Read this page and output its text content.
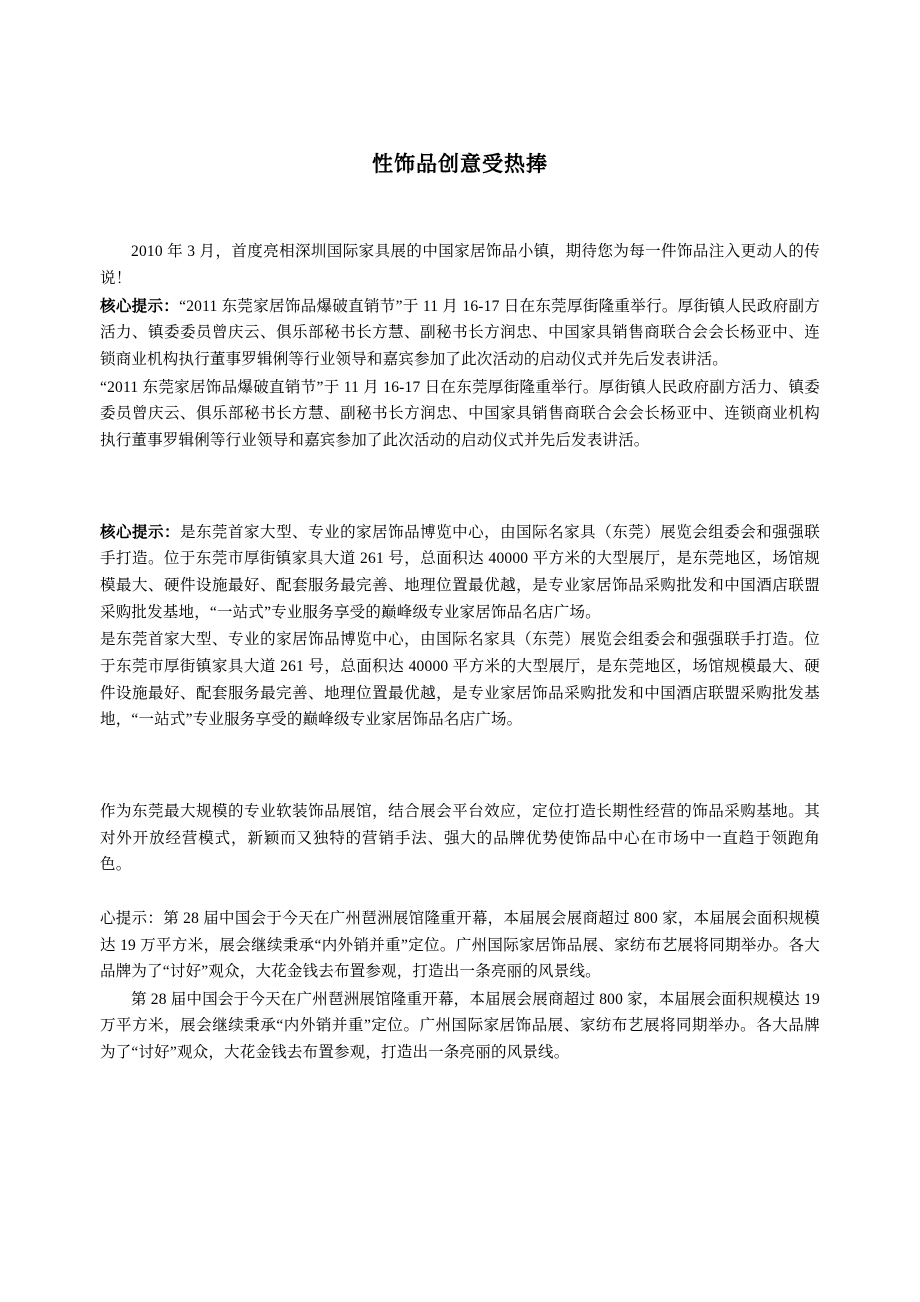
性饰品创意受热捧

2010 年 3 月，首度亮相深圳国际家具展的中国家居饰品小镇，期待您为每一件饰品注入更动人的传说！

核心提示：“2011 东莞家居饰品爆破直销节”于 11 月 16-17 日在东莞厚街隆重举行。厚街镇人民政府副方活力、镇委委员曾庆云、俱乐部秘书长方慧、副秘书长方润忠、中国家具销售商联合会会长杨亚中、连锁商业机构执行董事罗辑俐等行业领导和嘉宾参加了此次活动的启动仪式并先后发表讲活。

“2011 东莞家居饰品爆破直销节”于 11 月 16-17 日在东莞厚街隆重举行。厚街镇人民政府副方活力、镇委委员曾庆云、俱乐部秘书长方慧、副秘书长方润忠、中国家具销售商联合会会长杨亚中、连锁商业机构执行董事罗辑俐等行业领导和嘉宾参加了此次活动的启动仪式并先后发表讲活。

核心提示：是东莞首家大型、专业的家居饰品博览中心，由国际名家具（东莞）展览会组委会和强强联手打造。位于东莞市厚街镇家具大道 261 号，总面积达 40000 平方米的大型展厅，是东莞地区，场馆规模最大、硬件设施最好、配套服务最完善、地理位置最优越，是专业家居饰品采购批发和中国酒店联盟采购批发基地，“一站式”专业服务享受的巅峰级专业家居饰品名店广场。

是东莞首家大型、专业的家居饰品博览中心，由国际名家具（东莞）展览会组委会和强强联手打造。位于东莞市厚街镇家具大道 261 号，总面积达 40000 平方米的大型展厅，是东莞地区，场馆规模最大、硬件设施最好、配套服务最完善、地理位置最优越，是专业家居饰品采购批发和中国酒店联盟采购批发基地，“一站式”专业服务享受的巅峰级专业家居饰品名店广场。

作为东莞最大规模的专业软装饰品展馆，结合展会平台效应，定位打造长期性经营的饰品采购基地。其对外开放经营模式，新颖而又独特的营销手法、强大的品牌优势使饰品中心在市场中一直趋于领跑角色。

心提示：第 28 届中国会于今天在广州琶洲展馆隆重开幕，本届展会展商超过 800 家，本届展会面积规模达 19 万平方米，展会继续秉承“内外销并重”定位。广州国际家居饰品展、家纺布艺展将同期举办。各大品牌为了“讨好”观众，大花金钱去布置参观，打造出一条亮丽的风景线。

第 28 届中国会于今天在广州琶洲展馆隆重开幕，本届展会展商超过 800 家，本届展会面积规模达 19 万平方米，展会继续秉承“内外销并重”定位。广州国际家居饰品展、家纺布艺展将同期举办。各大品牌为了“讨好”观众，大花金钱去布置参观，打造出一条亮丽的风景线。
